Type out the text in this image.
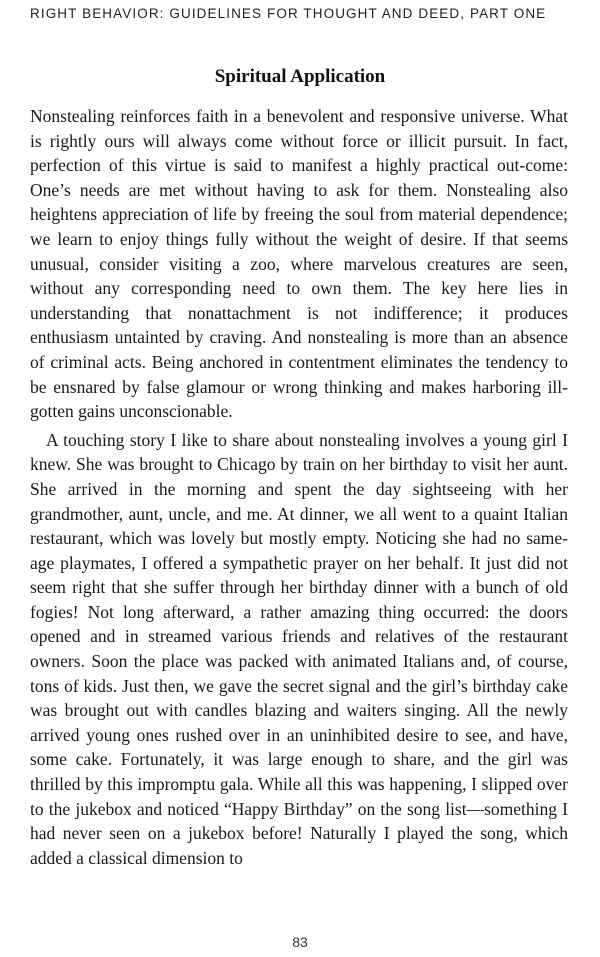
RIGHT BEHAVIOR: GUIDELINES FOR THOUGHT AND DEED, PART ONE
Spiritual Application

Nonstealing reinforces faith in a benevolent and responsive universe. What is rightly ours will always come without force or illicit pursuit. In fact, perfection of this virtue is said to manifest a highly practical out-come: One’s needs are met without having to ask for them. Nonstealing also heightens appreciation of life by freeing the soul from material dependence; we learn to enjoy things fully without the weight of desire. If that seems unusual, consider visiting a zoo, where marvelous creatures are seen, without any corresponding need to own them. The key here lies in understanding that nonattachment is not indifference; it produces enthusiasm untainted by craving. And nonstealing is more than an absence of criminal acts. Being anchored in contentment eliminates the tendency to be ensnared by false glamour or wrong thinking and makes harboring ill-gotten gains unconscionable.

A touching story I like to share about nonstealing involves a young girl I knew. She was brought to Chicago by train on her birthday to visit her aunt. She arrived in the morning and spent the day sightseeing with her grandmother, aunt, uncle, and me. At dinner, we all went to a quaint Italian restaurant, which was lovely but mostly empty. Noticing she had no same-age playmates, I offered a sympathetic prayer on her behalf. It just did not seem right that she suffer through her birthday dinner with a bunch of old fogies! Not long afterward, a rather amazing thing occurred: the doors opened and in streamed various friends and relatives of the restaurant owners. Soon the place was packed with animated Italians and, of course, tons of kids. Just then, we gave the secret signal and the girl’s birthday cake was brought out with candles blazing and waiters singing. All the newly arrived young ones rushed over in an uninhibited desire to see, and have, some cake. Fortunately, it was large enough to share, and the girl was thrilled by this impromptu gala. While all this was happening, I slipped over to the jukebox and noticed “Happy Birthday” on the song list—something I had never seen on a jukebox before! Naturally I played the song, which added a classical dimension to

83
